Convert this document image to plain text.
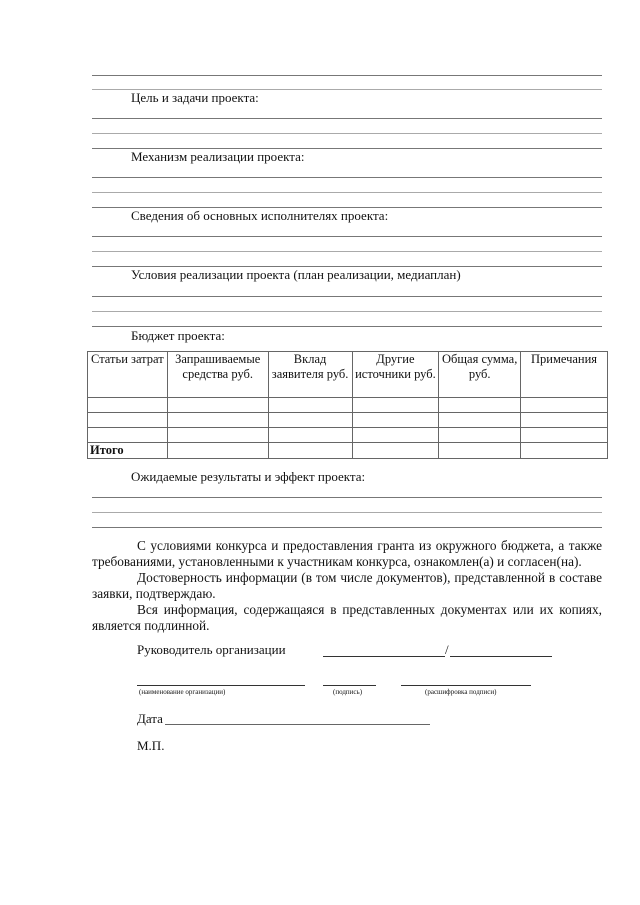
Цель и задачи проекта:
Механизм реализации проекта:
Сведения об основных исполнителях проекта:
Условия реализации проекта (план реализации, медиаплан)
Бюджет проекта:
Статьи затрат	Запрашиваемые средства руб.	Вклад заявителя руб.	Другие источники руб.	Общая сумма, руб.	Примечания

Итого					
Ожидаемые результаты и эффект проекта:

С условиями конкурса и предоставления гранта из окружного бюджета, а также требованиями, установленными к участникам конкурса, ознакомлен(а) и согласен(на).

Достоверность информации (в том числе документов), представленной в составе заявки, подтверждаю.

Вся информация, содержащаяся в представленных документах или их копиях, является подлинной.

Руководитель организации	/
(наименование организации)	(подпись)	(расшифровка подписи)
Дата
М.П.
